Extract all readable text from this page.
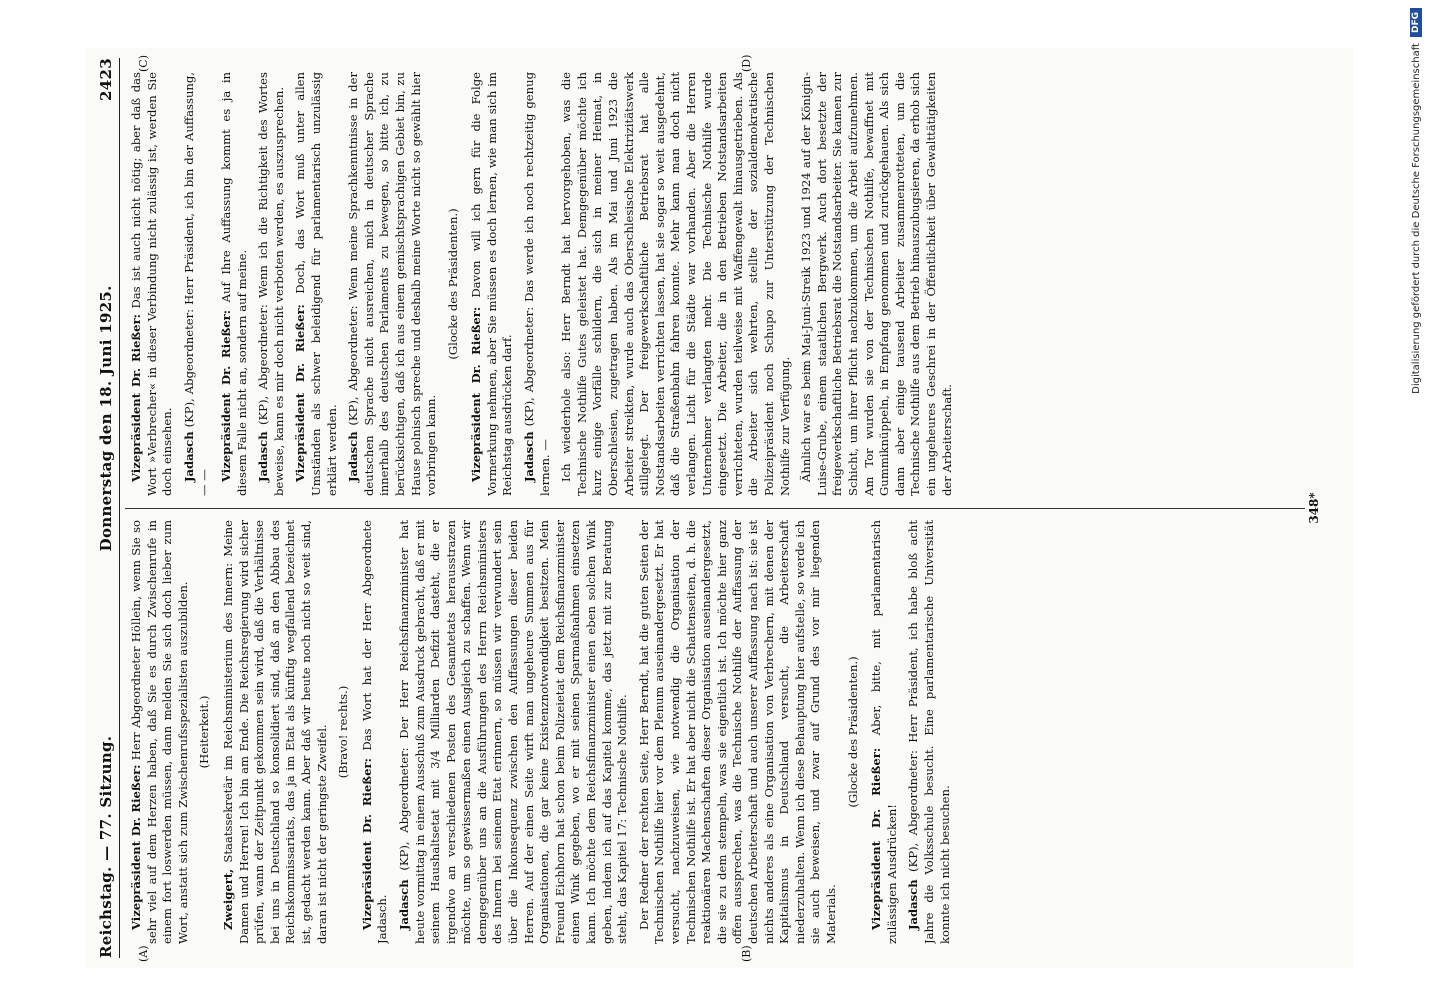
Reichstag. — 77. Sitzung.
Donnerstag den 18. Juni 1925.
2423
(A)	(B)
(C)	(D)

Vizepräsident Dr. Rießer: Herr Abgeordneter Höllein, wenn Sie so sehr viel auf dem Herzen haben, daß Sie es durch Zwischenrufe in einem fort loswerden müssen, dann melden Sie sich doch lieber zum Wort, anstatt sich zum Zwischenrufsspezialisten auszubilden. (Heiterkeit.)

Zweigert, Staatssekretär im Reichsministerium des Innern: Meine Damen und Herren! Ich bin am Ende. Die Reichsregierung wird sicher prüfen, wann der Zeitpunkt gekommen sein wird, daß die Verhältnisse bei uns in Deutschland so konsolidiert sind, daß an den Abbau des Reichskommissariats, das ja im Etat als künftig wegfallend bezeichnet ist, gedacht werden kann. Aber daß wir heute noch nicht so weit sind, daran ist nicht der geringste Zweifel. (Bravo! rechts.)

Vizepräsident Dr. Rießer: Das Wort hat der Herr Abgeordnete Jadasch. Jadasch (KP), Abgeordneter: Der Herr Reichsfinanzminister hat heute vormittag in einem Ausschuß zum Ausdruck gebracht, daß er mit seinem Haushaltsetat mit 3/4 Milliarden Defizit dasteht, die er irgendwo an verschiedenen Posten des Gesamtetats herausstrazen möchte, um so gewissermaßen einen Ausgleich zu schaffen. Wenn wir demgegenüber uns an die Ausführungen des Herrn Reichsministers des Innern bei seinem Etat erinnern, so müssen wir verwundert sein über die Inkonsequenz zwischen den Auffassungen dieser beiden Herren. Auf der einen Seite wirft man ungeheure Summen aus für Organisationen, die gar keine Existenznotwendigkeit besitzen. Mein Freund Eichhorn hat schon beim Polizeietat dem Reichsfinanzminister einen Wink gegeben, wo er mit seinen Sparmaßnahmen einsetzen kann. Ich möchte dem Reichsfinanzminister einen eben solchen Wink geben, indem ich auf das Kapitel komme, das jetzt mit zur Beratung steht, das Kapitel 17: Technische Nothilfe. Der Redner der rechten Seite, Herr Berndt, hat die guten Seiten der Technischen Nothilfe hier vor dem Plenum auseinandergesetzt. Er hat versucht, nachzuweisen, wie notwendig die Organisation der Technischen Nothilfe ist. Er hat aber nicht die Schattenseiten, d. h. die reaktionären Machenschaften dieser Organisation auseinandergesetzt, die sie zu dem stempeln, was sie eigentlich ist. Ich möchte hier ganz offen aussprechen, was die Technische Nothilfe der Auffassung der deutschen Arbeiterschaft und auch unserer Auffassung nach ist: sie ist nichts anderes als eine Organisation von Verbrechern, mit denen der Kapitalismus in Deutschland versucht, die Arbeiterschaft niederzuhalten. Wenn ich diese Behauptung hier aufstelle, so werde ich sie auch beweisen, und zwar auf Grund des vor mir liegenden Materials.

(Glocke des Präsidenten.)

Vizepräsident Dr. Rießer: Aber, bitte, mit parlamentarisch zulässigen Ausdrücken! Jadasch (KP), Abgeordneter: Herr Präsident, ich habe bloß acht Jahre die Volksschule besucht. Eine parlamentarische Universität konnte ich nicht besuchen.

Vizepräsident Dr. Rießer: Das ist auch nicht nötig; aber daß das Wort »Verbrecher« in dieser Verbindung nicht zulässig ist, werden Sie doch einsehen. Jadasch (KP), Abgeordneter: Herr Präsident, ich bin der Auffassung, — —

Vizepräsident Dr. Rießer: Auf Ihre Auffassung kommt es ja in diesem Falle nicht an, sondern auf meine. Jadasch (KP), Abgeordneter: Wenn ich die Richtigkeit des Wortes beweise, kann es mir doch nicht verboten werden, es auszusprechen. Vizepräsident Dr. Rießer: Doch, das Wort muß unter allen Umständen als schwer beleidigend für parlamentarisch unzulässig erklärt werden. Jadasch (KP), Abgeordneter: Wenn meine Sprachkenntnisse in der deutschen Sprache nicht ausreichen, mich in deutscher Sprache innerhalb des deutschen Parlaments zu bewegen, so bitte ich, zu berücksichtigen, daß ich aus einem gemischtsprachigen Gebiet bin, zu Hause polnisch spreche und deshalb meine Worte nicht so gewählt hier vorbringen kann.

(Glocke des Präsidenten.)

Vizepräsident Dr. Rießer: Davon will ich gern für die Folge Vormerkung nehmen, aber Sie müssen es doch lernen, wie man sich im Reichstag ausdrücken darf. Jadasch (KP), Abgeordneter: Das werde ich noch rechtzeitig genug lernen. — Ich wiederhole also: Herr Berndt hat hervorgehoben, was die Technische Nothilfe Gutes geleistet hat. Demgegenüber möchte ich kurz einige Vorfälle schildern, die sich in meiner Heimat, in Oberschlesien, zugetragen haben. Als im Mai und Juni 1923 die Arbeiter streikten, wurde auch das Oberschlesische Elektrizitätswerk stillgelegt. Der freigewerkschaftliche Betriebsrat hat alle Notstandsarbeiten verrichten lassen, hat sie sogar so weit ausgedehnt, daß die Straßenbahn fahren konnte. Mehr kann man doch nicht verlangen. Licht für die Städte war vorhanden. Aber die Herren Unternehmer verlangten mehr. Die Technische Nothilfe wurde eingesetzt. Die Arbeiter, die in den Betrieben Notstandsarbeiten verrichteten, wurden teilweise mit Waffengewalt hinausgetrieben. Als die Arbeiter sich wehrten, stellte der sozialdemokratische Polizeipräsident noch Schupo zur Unterstützung der Technischen Nothilfe zur Verfügung. Ähnlich war es beim Mai-Juni-Streik 1923 und 1924 auf der Königin-Luise-Grube, einem staatlichen Bergwerk. Auch dort besetzte der freigewerkschaftliche Betriebsrat die Notstandsarbeiter. Sie kamen zur Schicht, um ihrer Pflicht nachzukommen, um die Arbeit aufzunehmen. Am Tor wurden sie von der Technischen Nothilfe, bewaffnet mit Gummiknüppeln, in Empfang genommen und zurückgehauen. Als sich dann aber einige tausend Arbeiter zusammenrotteten, um die Technische Nothilfe aus dem Betrieb hinauszubugsieren, da erhob sich ein ungeheures Geschrei in der Öffentlichkeit über Gewalttätigkeiten der Arbeiterschaft.

348*
Digitalisierung gefördert durch die Deutsche Forschungsgemeinschaft
DFG
